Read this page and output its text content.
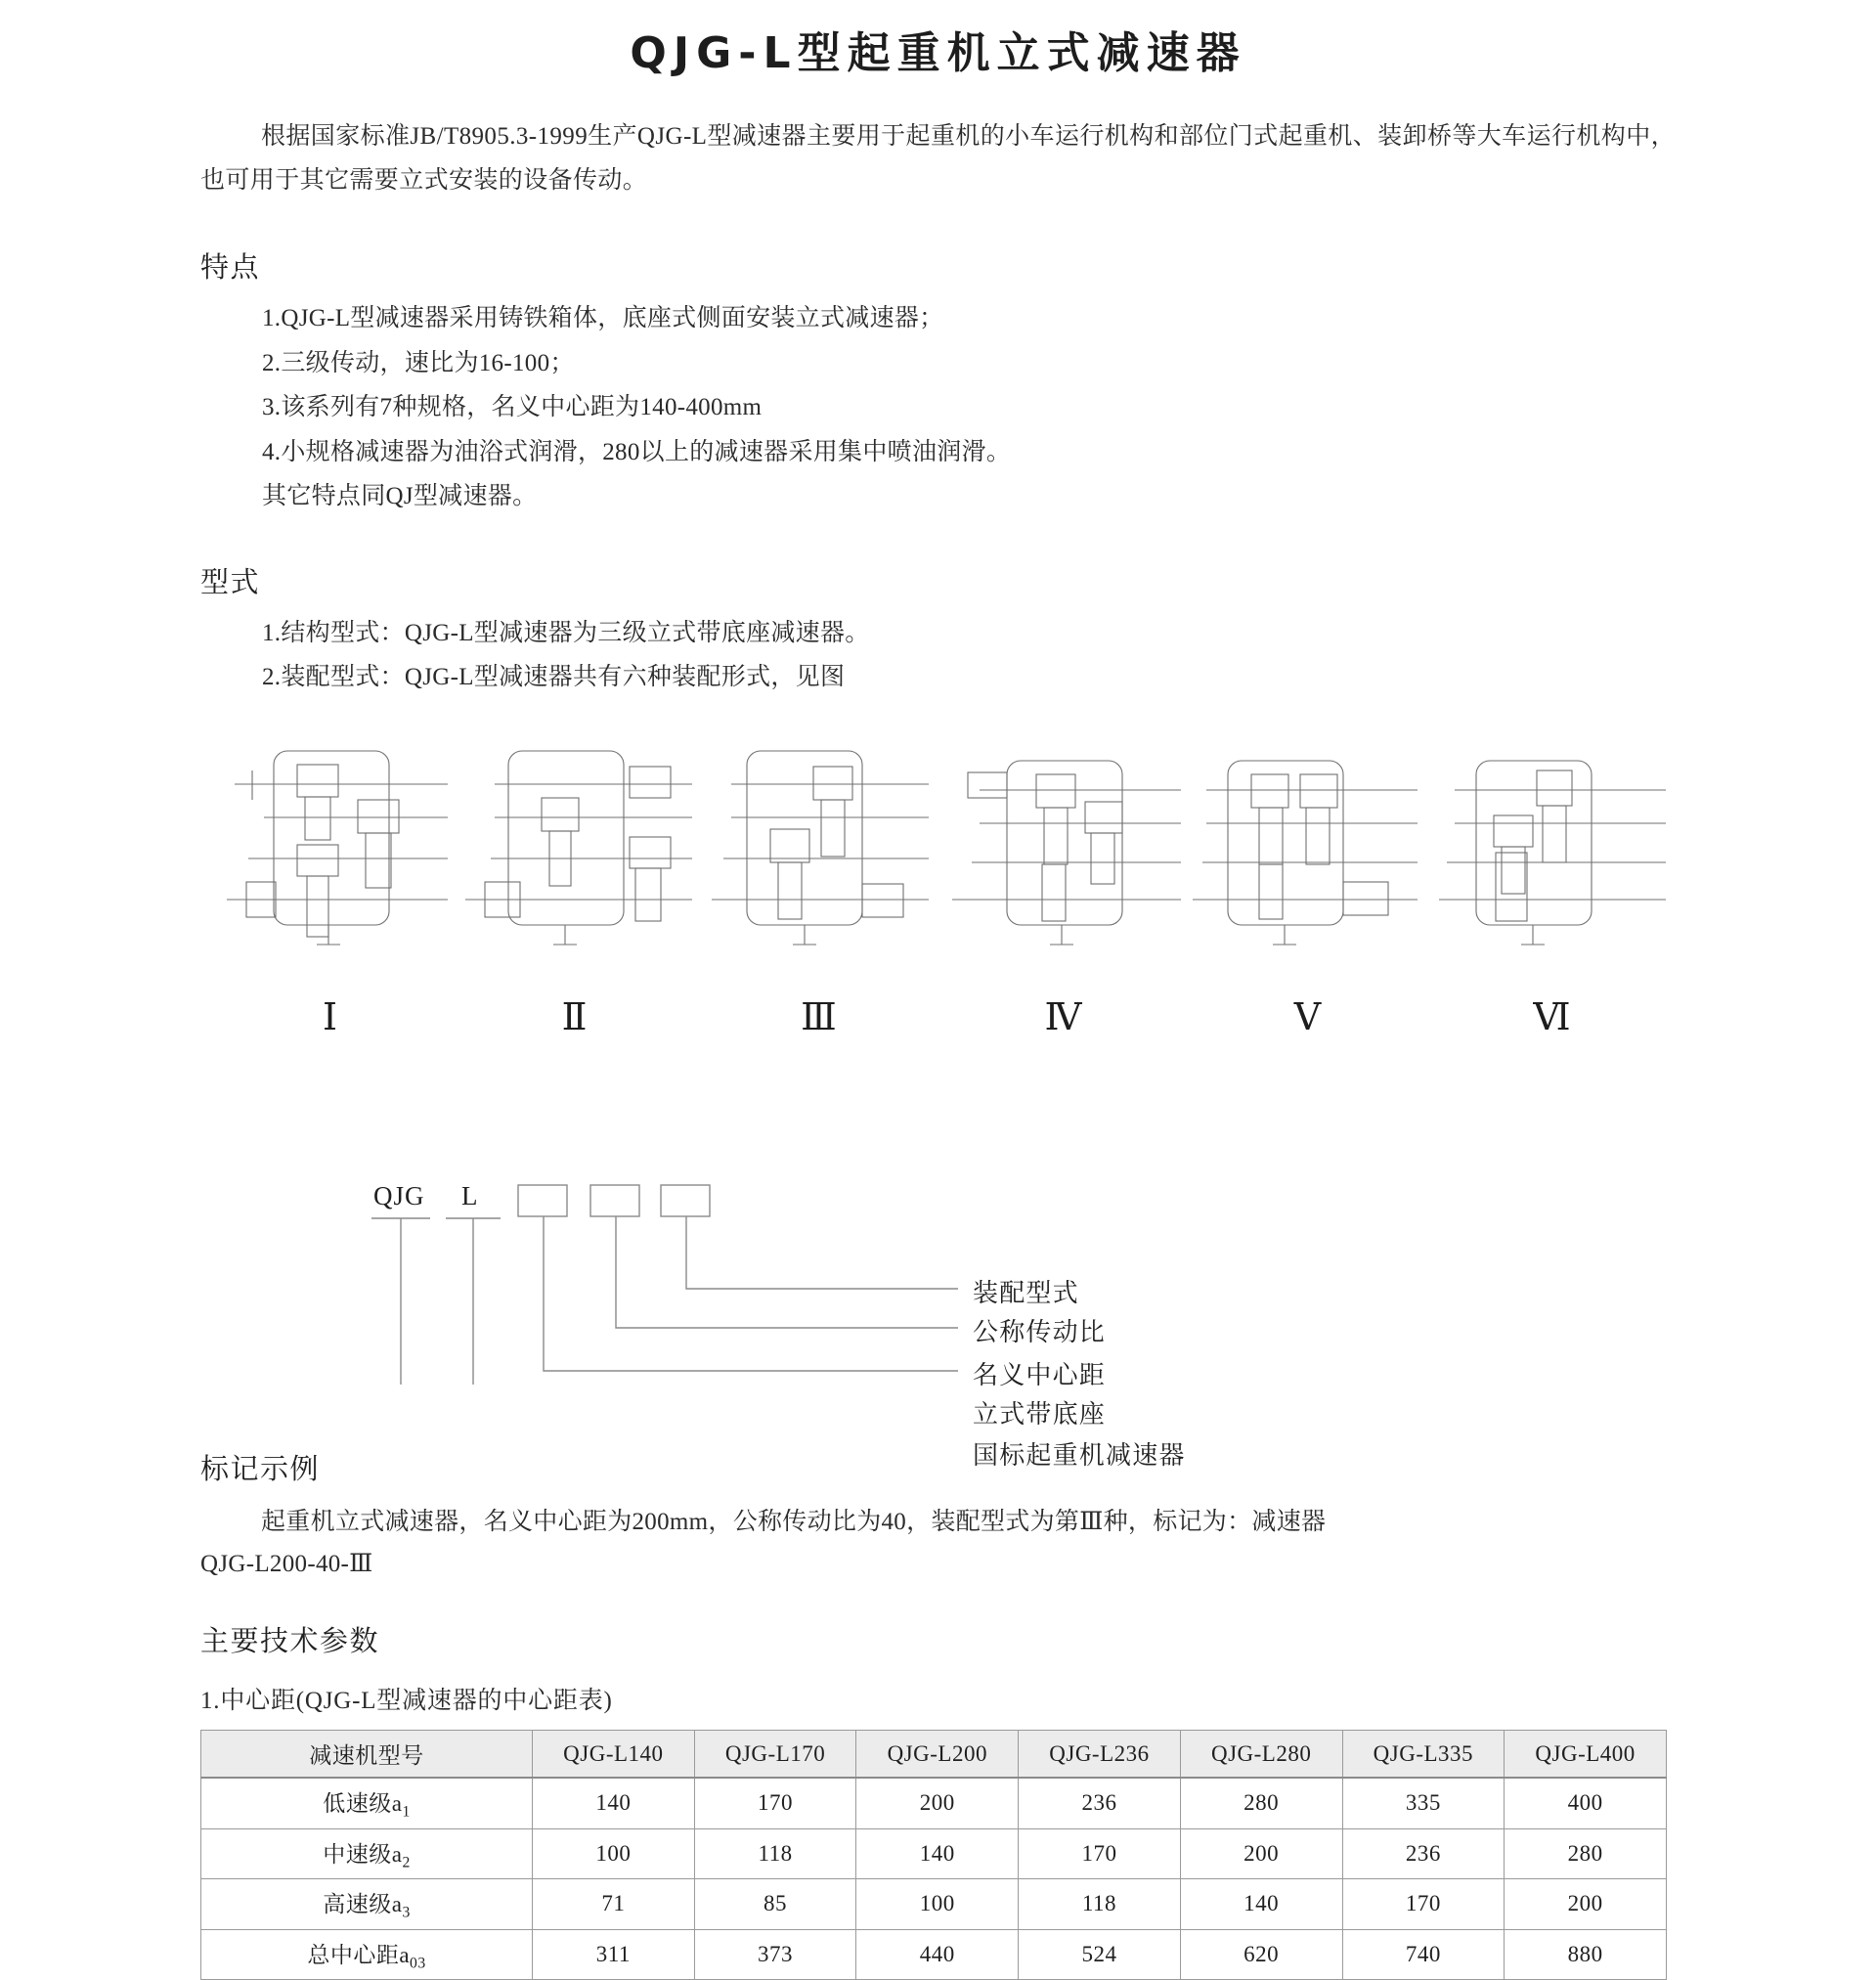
QJG-L型起重机立式减速器

根据国家标准JB/T8905.3-1999生产QJG-L型减速器主要用于起重机的小车运行机构和部位门式起重机、装卸桥等大车运行机构中，也可用于其它需要立式安装的设备传动。

特点
1.QJG-L型减速器采用铸铁箱体，底座式侧面安装立式减速器；
2.三级传动，速比为16-100；
3.该系列有7种规格，名义中心距为140-400mm
4.小规格减速器为油浴式润滑，280以上的减速器采用集中喷油润滑。
其它特点同QJ型减速器。
型式
1.结构型式：QJG-L型减速器为三级立式带底座减速器。
2.装配型式：QJG-L型减速器共有六种装配形式，见图
Ⅰ	Ⅱ	Ⅲ	Ⅳ	Ⅴ	Ⅵ
QJG L
装配型式
公称传动比
名义中心距
立式带底座
国标起重机减速器
标记示例

起重机立式减速器，名义中心距为200mm，公称传动比为40，装配型式为第Ⅲ种，标记为：减速器

QJG-L200-40-Ⅲ

主要技术参数
1.中心距(QJG-L型减速器的中心距表)
减速机型号	QJG-L140	QJG-L170	QJG-L200	QJG-L236	QJG-L280	QJG-L335	QJG-L400
低速级$a_1$	140	170	200	236	280	335	400
中速级$a_2$	100	118	140	170	200	236	280
高速级$a_3$	71	85	100	118	140	170	200
总中心距$a_{03}$	311	373	440	524	620	740	880
